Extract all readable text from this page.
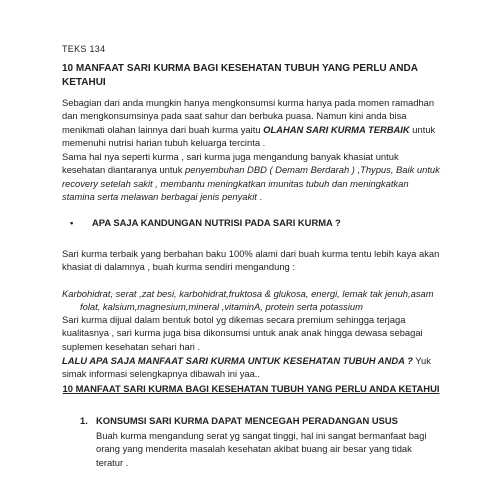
TEKS 134
10 MANFAAT SARI KURMA BAGI KESEHATAN TUBUH YANG PERLU ANDA KETAHUI

Sebagian dari anda mungkin hanya mengkonsumsi kurma hanya pada momen ramadhan dan mengkonsumsinya pada saat sahur dan berbuka puasa. Namun kini anda bisa menikmati olahan lainnya dari buah kurma yaitu OLAHAN SARI KURMA TERBAIK untuk memenuhi nutrisi harian tubuh keluarga tercinta .

Sama hal nya seperti kurma , sari kurma juga mengandung banyak khasiat untuk kesehatan diantaranya untuk penyembuhan DBD ( Demam Berdarah ) ,Thypus, Baik untuk recovery setelah sakit , membantu meningkatkan imunitas tubuh dan meningkatkan stamina serta melawan berbagai jenis penyakit .

• APA SAJA KANDUNGAN NUTRISI PADA SARI KURMA ?

Sari kurma terbaik yang berbahan baku 100% alami dari buah kurma tentu lebih kaya akan khasiat di dalamnya , buah kurma sendiri mengandung :

Karbohidrat, serat ,zat besi, karbohidrat,fruktosa & glukosa, energi, lemak tak jenuh,asam
folat, kalsium,magnesium,mineral ,vitaminA, protein serta potassium

Sari kurma dijual dalam bentuk botol yg dikemas secara premium sehingga terjaga kualitasnya , sari kurma juga bisa dikonsumsi untuk anak anak hingga dewasa sebagai suplemen kesehatan sehari hari .

LALU APA SAJA MANFAAT SARI KURMA UNTUK KESEHATAN TUBUH ANDA ? Yuk simak informasi selengkapnya dibawah ini yaa..

10 MANFAAT SARI KURMA BAGI KESEHATAN TUBUH YANG PERLU ANDA KETAHUI
1. KONSUMSI SARI KURMA DAPAT MENCEGAH PERADANGAN USUS

Buah kurma mengandung serat yg sangat tinggi, hal ini sangat bermanfaat bagi orang yang menderita masalah kesehatan akibat buang air besar yang tidak teratur .
